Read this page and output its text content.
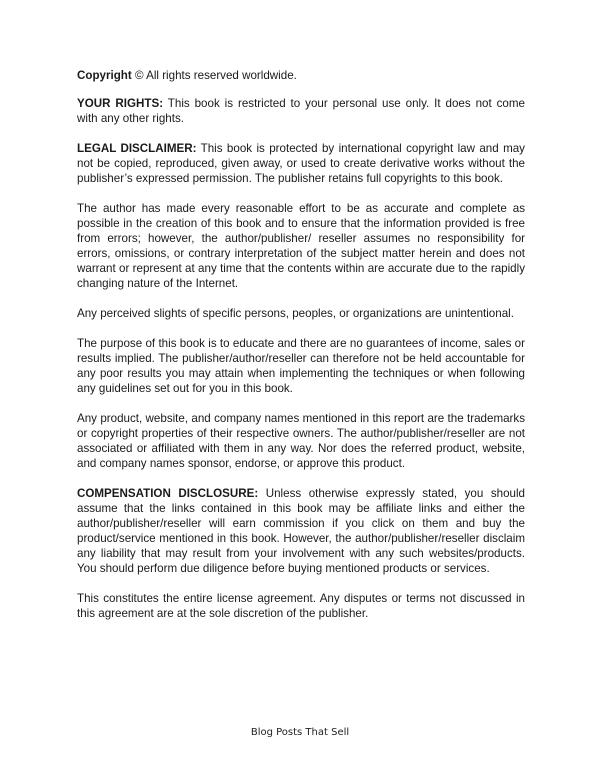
Copyright © All rights reserved worldwide.

YOUR RIGHTS: This book is restricted to your personal use only. It does not come with any other rights.

LEGAL DISCLAIMER: This book is protected by international copyright law and may not be copied, reproduced, given away, or used to create derivative works without the publisher’s expressed permission. The publisher retains full copyrights to this book.

The author has made every reasonable effort to be as accurate and complete as possible in the creation of this book and to ensure that the information provided is free from errors; however, the author/publisher/ reseller assumes no responsibility for errors, omissions, or contrary interpretation of the subject matter herein and does not warrant or represent at any time that the contents within are accurate due to the rapidly changing nature of the Internet.

Any perceived slights of specific persons, peoples, or organizations are unintentional.

The purpose of this book is to educate and there are no guarantees of income, sales or results implied. The publisher/author/reseller can therefore not be held accountable for any poor results you may attain when implementing the techniques or when following any guidelines set out for you in this book.

Any product, website, and company names mentioned in this report are the trademarks or copyright properties of their respective owners. The author/publisher/reseller are not associated or affiliated with them in any way. Nor does the referred product, website, and company names sponsor, endorse, or approve this product.

COMPENSATION DISCLOSURE: Unless otherwise expressly stated, you should assume that the links contained in this book may be affiliate links and either the author/publisher/reseller will earn commission if you click on them and buy the product/service mentioned in this book. However, the author/publisher/reseller disclaim any liability that may result from your involvement with any such websites/products. You should perform due diligence before buying mentioned products or services.

This constitutes the entire license agreement. Any disputes or terms not discussed in this agreement are at the sole discretion of the publisher.

Blog Posts That Sell
